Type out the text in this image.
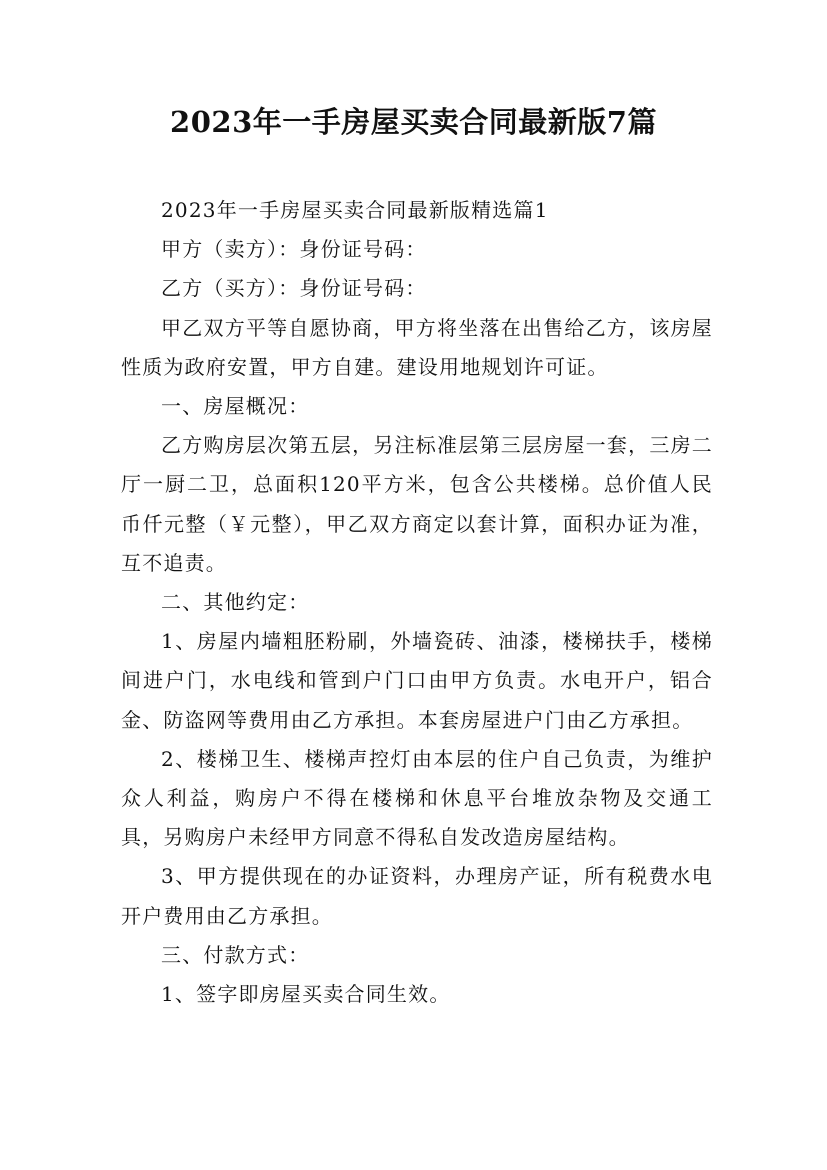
2023年一手房屋买卖合同最新版7篇

2023年一手房屋买卖合同最新版精选篇1

甲方（卖方）：身份证号码：

乙方（买方）：身份证号码：

甲乙双方平等自愿协商，甲方将坐落在出售给乙方，该房屋性质为政府安置，甲方自建。建设用地规划许可证。

一、房屋概况：

乙方购房层次第五层，另注标准层第三层房屋一套，三房二厅一厨二卫，总面积120平方米，包含公共楼梯。总价值人民币仟元整（￥元整），甲乙双方商定以套计算，面积办证为准，互不追责。

二、其他约定：

1、房屋内墙粗胚粉刷，外墙瓷砖、油漆，楼梯扶手，楼梯间进户门，水电线和管到户门口由甲方负责。水电开户，铝合金、防盗网等费用由乙方承担。本套房屋进户门由乙方承担。

2、楼梯卫生、楼梯声控灯由本层的住户自己负责，为维护众人利益，购房户不得在楼梯和休息平台堆放杂物及交通工具，另购房户未经甲方同意不得私自发改造房屋结构。

3、甲方提供现在的办证资料，办理房产证，所有税费水电开户费用由乙方承担。

三、付款方式：

1、签字即房屋买卖合同生效。
